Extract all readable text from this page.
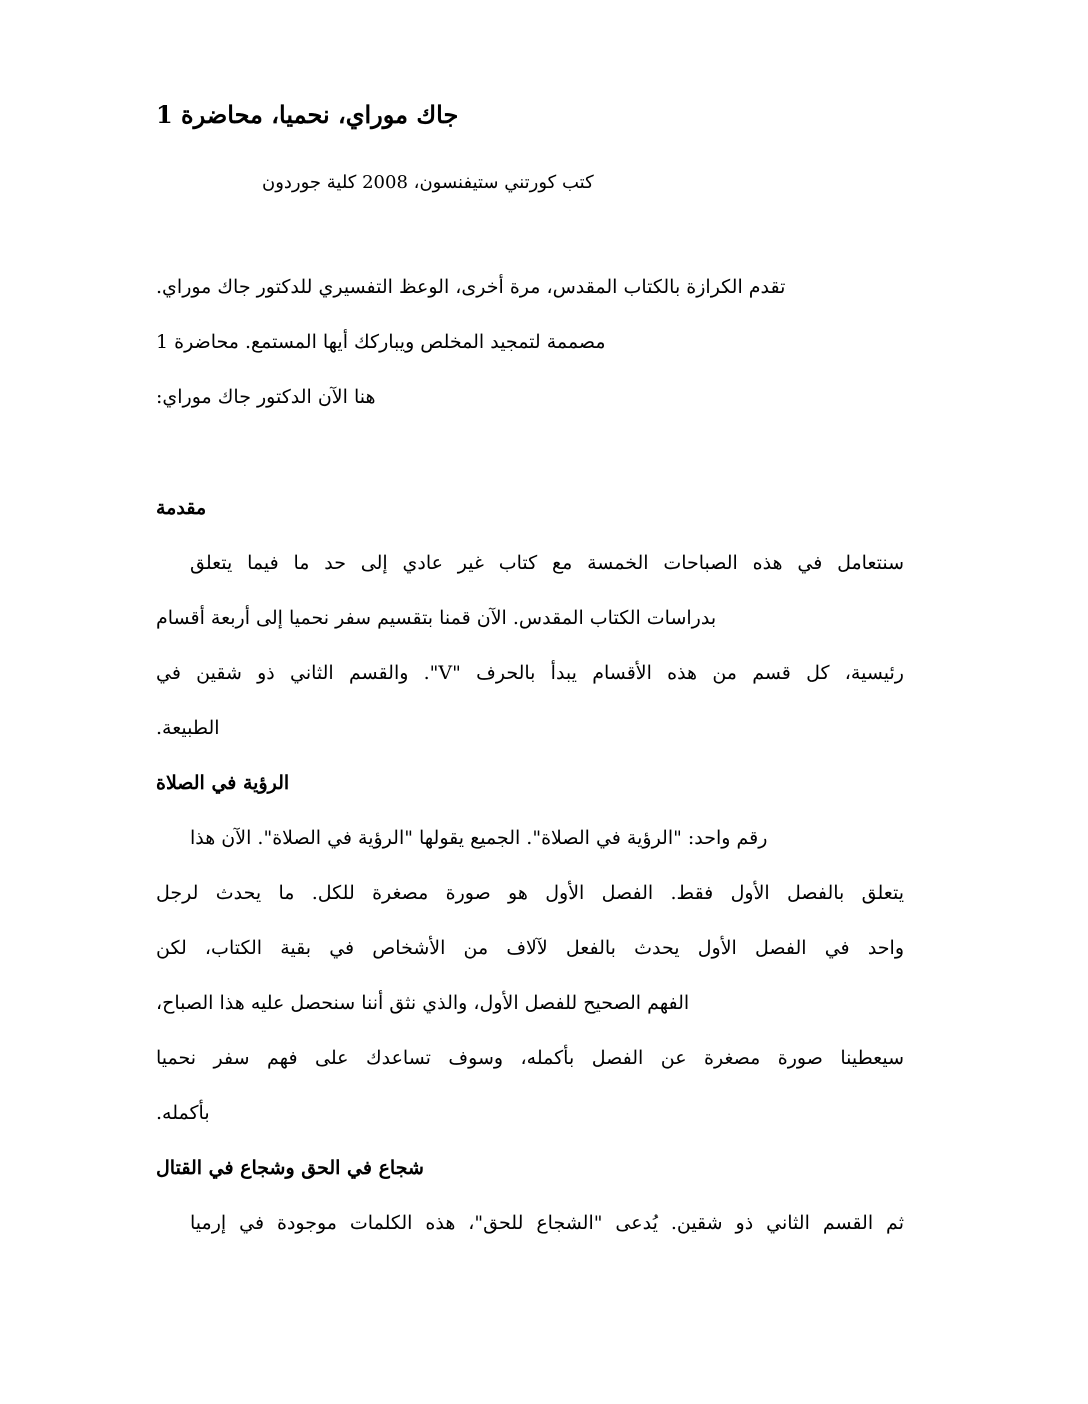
جاك موراي، نحميا، محاضرة 1
كتب كورتني ستيفنسون، 2008 كلية جوردون
تقدم الكرازة بالكتاب المقدس، مرة أخرى، الوعظ التفسيري للدكتور جاك موراي.
مصممة لتمجيد المخلص ويباركك أيها المستمع. محاضرة 1
هنا الآن الدكتور جاك موراي:
مقدمة
سنتعامل في هذه الصباحات الخمسة مع كتاب غير عادي إلى حد ما فيما يتعلق
بدراسات الكتاب المقدس. الآن قمنا بتقسيم سفر نحميا إلى أربعة أقسام
رئيسية، كل قسم من هذه الأقسام يبدأ بالحرف "V". والقسم الثاني ذو شقين في
الطبيعة.
الرؤية في الصلاة
رقم واحد: "الرؤية في الصلاة". الجميع يقولها "الرؤية في الصلاة". الآن هذا
يتعلق بالفصل الأول فقط. الفصل الأول هو صورة مصغرة للكل. ما يحدث لرجل
واحد في الفصل الأول يحدث بالفعل لآلاف من الأشخاص في بقية الكتاب، لكن
الفهم الصحيح للفصل الأول، والذي نثق أننا سنحصل عليه هذا الصباح،
سيعطينا صورة مصغرة عن الفصل بأكمله، وسوف تساعدك على فهم سفر نحميا
بأكمله.
شجاع في الحق وشجاع في القتال
ثم القسم الثاني ذو شقين. يُدعى "الشجاع للحق"، هذه الكلمات موجودة في إرميا
